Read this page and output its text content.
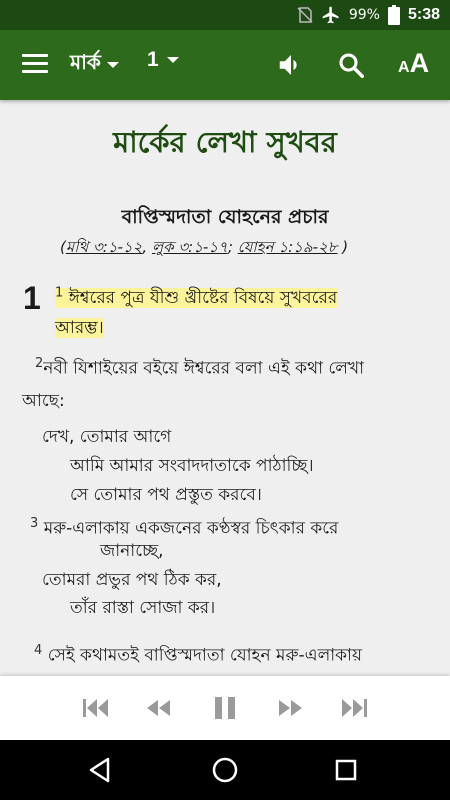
99% 5:38
মার্ক 1	AA
মার্কের লেখা সুখবর
বাপ্তিস্মদাতা যোহনের প্রচার
(মথি ৩:১-১২, লুক ৩:১-১৭; যোহন ১:১৯-২৮ )
1 $^1$ ঈশ্বরের পুত্র যীশু খ্রীষ্টের বিষয়ে সুখবরের আরম্ভ।
$^2$নবী যিশাইয়ের বইয়ে ঈশ্বরের বলা এই কথা লেখা
আছে:
দেখ, তোমার আগে
আমি আমার সংবাদদাতাকে পাঠাচ্ছি।
সে তোমার পথ প্রস্তুত করবে।
$^3$ মরু-এলাকায় একজনের কণ্ঠস্বর চিৎকার করে
জানাচ্ছে,
তোমরা প্রভুর পথ ঠিক কর,
তাঁর রাস্তা সোজা কর।
$^4$ সেই কথামতই বাপ্তিস্মদাতা যোহন মরু-এলাকায়
